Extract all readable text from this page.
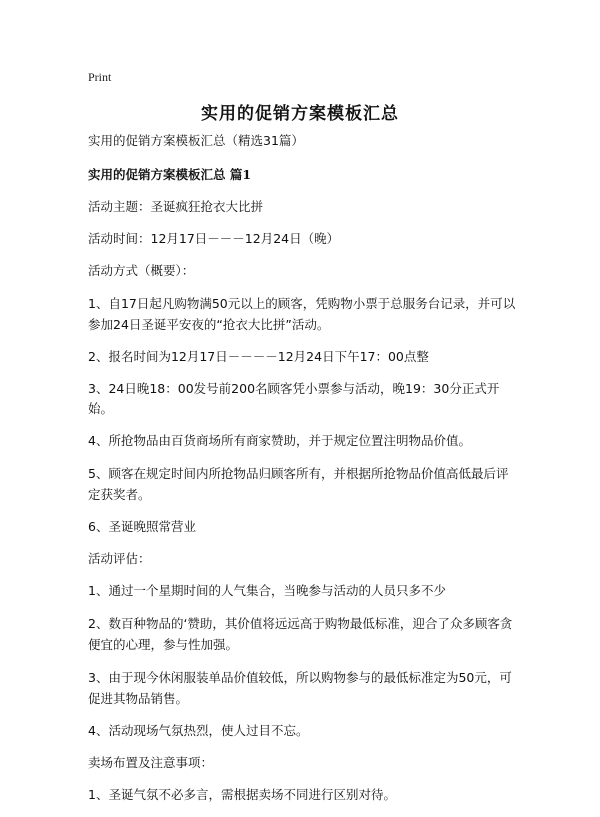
Print
实用的促销方案模板汇总

实用的促销方案模板汇总（精选31篇）

实用的促销方案模板汇总 篇1

活动主题：圣诞疯狂抢衣大比拼

活动时间：12月17日－－－12月24日（晚）

活动方式（概要）：

1、自17日起凡购物满50元以上的顾客，凭购物小票于总服务台记录，并可以参加24日圣诞平安夜的“抢衣大比拼”活动。

2、报名时间为12月17日－－－－12月24日下午17：00点整

3、24日晚18：00发号前200名顾客凭小票参与活动，晚19：30分正式开始。

4、所抢物品由百货商场所有商家赞助，并于规定位置注明物品价值。

5、顾客在规定时间内所抢物品归顾客所有，并根据所抢物品价值高低最后评定获奖者。

6、圣诞晚照常营业

活动评估：

1、通过一个星期时间的人气集合，当晚参与活动的人员只多不少

2、数百种物品的‘赞助，其价值将远远高于购物最低标准，迎合了众多顾客贪便宜的心理，参与性加强。

3、由于现今休闲服装单品价值较低，所以购物参与的最低标准定为50元，可促进其物品销售。

4、活动现场气氛热烈，使人过目不忘。

卖场布置及注意事项：

1、圣诞气氛不必多言，需根据卖场不同进行区别对待。
